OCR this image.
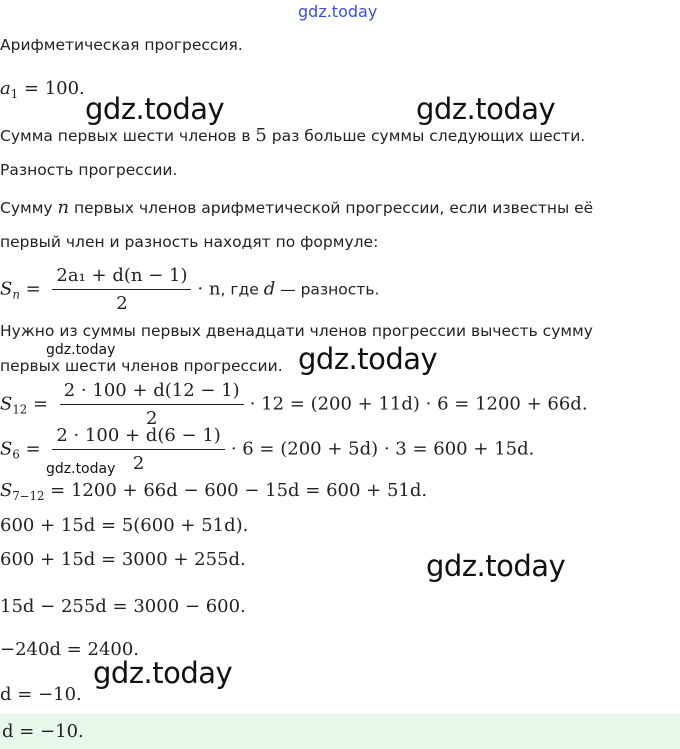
gdz.today
gdz.today	gdz.today
gdz.today	gdz.today
gdz.today
gdz.today
gdz.today
Арифметическая прогрессия.
$a_1 = 100$.
Сумма первых шести членов в 5 раз больше суммы следующих шести.
Разность прогрессии.
Сумму n первых членов арифметической прогрессии, если известны её
первый член и разность находят по формуле:
$S_n = \frac{\text{2a₁ + d(n − 1)}}{2} \cdot n$, где d — разность.
Нужно из суммы первых двенадцати членов прогрессии вычесть сумму
первых шести членов прогрессии.
$S_{12} = \frac{2 \cdot 100 + d(12 - 1)}{2} \cdot 12 = (200 + 11d) \cdot 6 = 1200 + 66d$.
$S_6 = \frac{2 \cdot 100 + d(6 - 1)}{2} \cdot 6 = (200 + 5d) \cdot 3 = 600 + 15d$.
$S_{7-12} = 1200 + 66d - 600 - 15d = 600 + 51d$.
600 + 15d = 5(600 + 51d).
600 + 15d = 3000 + 255d.
15d − 255d = 3000 − 600.
−240d = 2400.
d = −10.
d = −10.
